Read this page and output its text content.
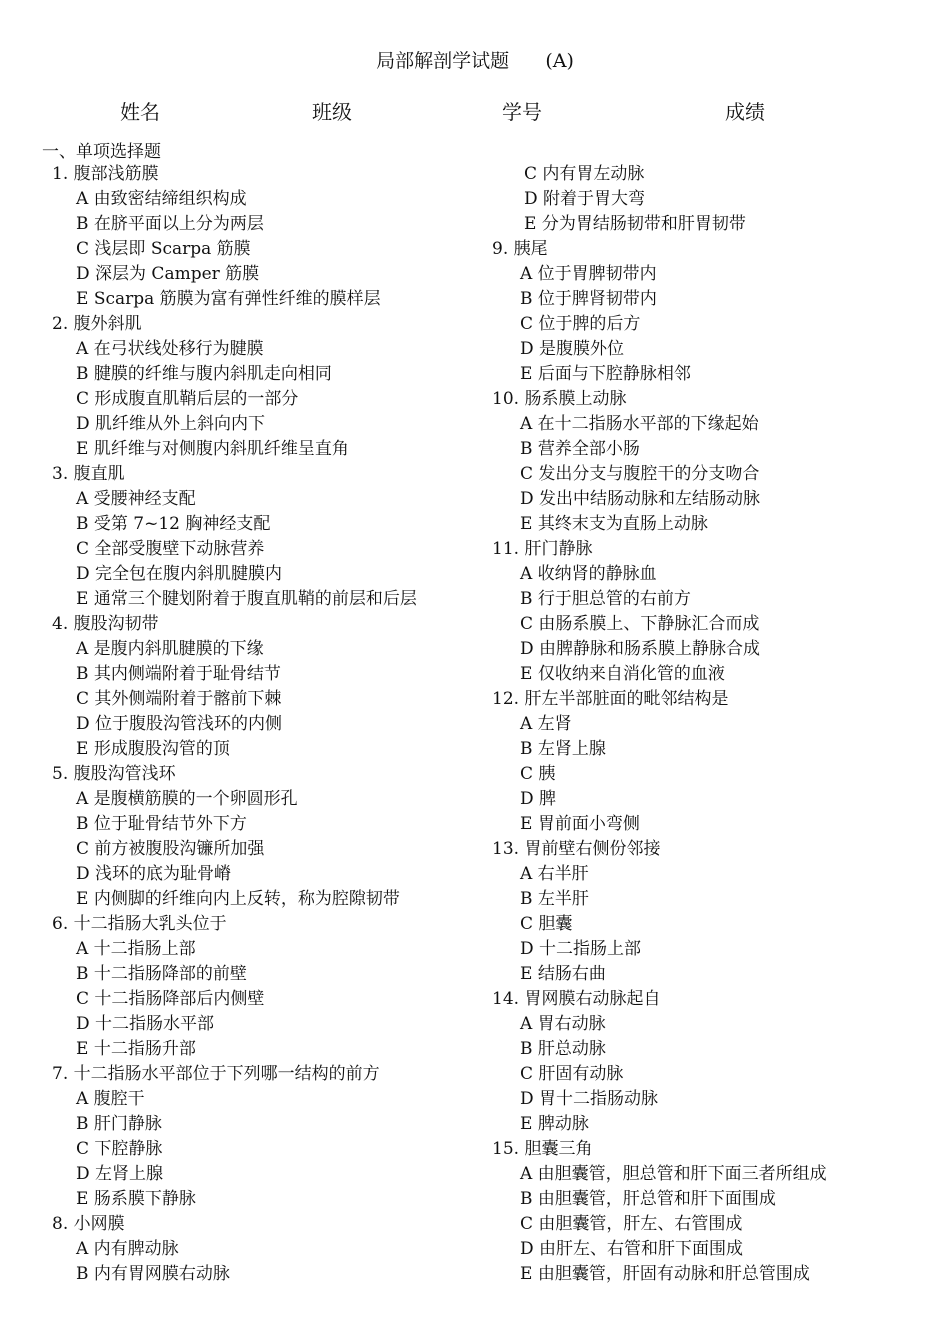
局部解剖学试题      (A)
姓名	班级	学号	成绩
一、单项选择题
1. 腹部浅筋膜
A 由致密结缔组织构成
B 在脐平面以上分为两层
C 浅层即 Scarpa 筋膜
D 深层为 Camper 筋膜
E Scarpa 筋膜为富有弹性纤维的膜样层
2. 腹外斜肌
A 在弓状线处移行为腱膜
B 腱膜的纤维与腹内斜肌走向相同
C 形成腹直肌鞘后层的一部分
D 肌纤维从外上斜向内下
E 肌纤维与对侧腹内斜肌纤维呈直角
3. 腹直肌
A 受腰神经支配
B 受第 7~12 胸神经支配
C 全部受腹壁下动脉营养
D 完全包在腹内斜肌腱膜内
E 通常三个腱划附着于腹直肌鞘的前层和后层
4. 腹股沟韧带
A 是腹内斜肌腱膜的下缘
B 其内侧端附着于耻骨结节
C 其外侧端附着于髂前下棘
D 位于腹股沟管浅环的内侧
E 形成腹股沟管的顶
5. 腹股沟管浅环
A 是腹横筋膜的一个卵圆形孔
B 位于耻骨结节外下方
C 前方被腹股沟镰所加强
D 浅环的底为耻骨嵴
E 内侧脚的纤维向内上反转，称为腔隙韧带
6. 十二指肠大乳头位于
A 十二指肠上部
B 十二指肠降部的前壁
C 十二指肠降部后内侧壁
D 十二指肠水平部
E 十二指肠升部
7. 十二指肠水平部位于下列哪一结构的前方
A 腹腔干
B 肝门静脉
C 下腔静脉
D 左肾上腺
E 肠系膜下静脉
8. 小网膜
A 内有脾动脉
B 内有胃网膜右动脉
C 内有胃左动脉
D 附着于胃大弯
E 分为胃结肠韧带和肝胃韧带
9. 胰尾
A 位于胃脾韧带内
B 位于脾肾韧带内
C 位于脾的后方
D 是腹膜外位
E 后面与下腔静脉相邻
10. 肠系膜上动脉
A 在十二指肠水平部的下缘起始
B 营养全部小肠
C 发出分支与腹腔干的分支吻合
D 发出中结肠动脉和左结肠动脉
E 其终末支为直肠上动脉
11. 肝门静脉
A 收纳肾的静脉血
B 行于胆总管的右前方
C 由肠系膜上、下静脉汇合而成
D 由脾静脉和肠系膜上静脉合成
E 仅收纳来自消化管的血液
12. 肝左半部脏面的毗邻结构是
A 左肾
B 左肾上腺
C 胰
D 脾
E 胃前面小弯侧
13. 胃前壁右侧份邻接
A 右半肝
B 左半肝
C 胆囊
D 十二指肠上部
E 结肠右曲
14. 胃网膜右动脉起自
A 胃右动脉
B 肝总动脉
C 肝固有动脉
D 胃十二指肠动脉
E 脾动脉
15. 胆囊三角
A 由胆囊管，胆总管和肝下面三者所组成
B 由胆囊管，肝总管和肝下面围成
C 由胆囊管，肝左、右管围成
D 由肝左、右管和肝下面围成
E 由胆囊管，肝固有动脉和肝总管围成
